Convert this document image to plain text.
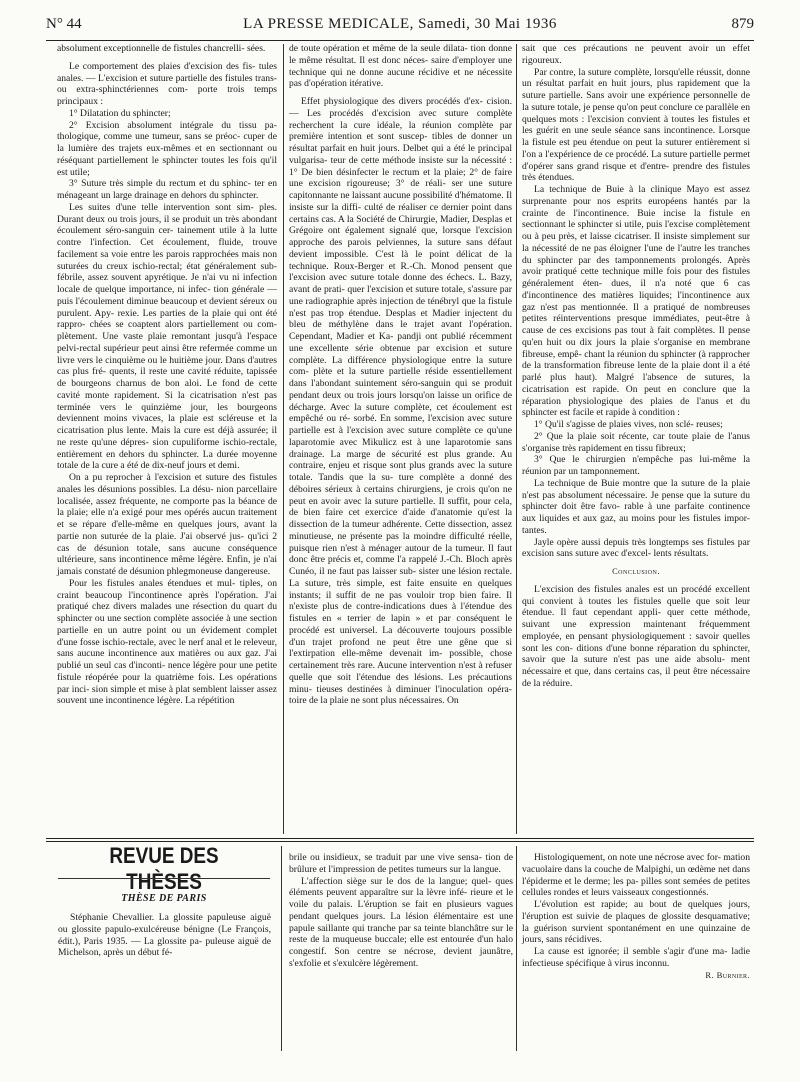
N° 44	LA PRESSE MEDICALE, Samedi, 30 Mai 1936	879

absolument exceptionnelle de fistules chancrelli- sées.

Le comportement des plaies d'excision des fis- tules anales. — L'excision et suture partielle des fistules trans- ou extra-sphinctériennes com- porte trois temps principaux :

1° Dilatation du sphincter;

2° Excision absolument intégrale du tissu pa- thologique, comme une tumeur, sans se préoc- cuper de la lumière des trajets eux-mêmes et en sectionnant ou réséquant partiellement le sphincter toutes les fois qu'il est utile;

3° Suture très simple du rectum et du sphinc- ter en ménageant un large drainage en dehors du sphincter.

Les suites d'une telle intervention sont sim- ples. Durant deux ou trois jours, il se produit un très abondant écoulement séro-sanguin cer- tainement utile à la lutte contre l'infection. Cet écoulement, fluide, trouve facilement sa voie entre les parois rapprochées mais non suturées du creux ischio-rectal; état généralement sub- fébrile, assez souvent apyrétique. Je n'ai vu ni infection locale de quelque importance, ni infec- tion générale — puis l'écoulement diminue beaucoup et devient séreux ou purulent. Apy- rexie. Les parties de la plaie qui ont été rappro- chées se coaptent alors partiellement ou com- plètement. Une vaste plaie remontant jusqu'à l'espace pelvi-rectal supérieur peut ainsi être refermée comme un livre vers le cinquième ou le huitième jour. Dans d'autres cas plus fré- quents, il reste une cavité réduite, tapissée de bourgeons charnus de bon aloi. Le fond de cette cavité monte rapidement. Si la cicatrisation n'est pas terminée vers le quinzième jour, les bourgeons deviennent moins vivaces, la plaie est scléreuse et la cicatrisation plus lente. Mais la cure est déjà assurée; il ne reste qu'une dépres- sion cupuliforme ischio-rectale, entièrement en dehors du sphincter. La durée moyenne totale de la cure a été de dix-neuf jours et demi.

On a pu reprocher à l'excision et suture des fistules anales les désunions possibles. La désu- nion parcellaire localisée, assez fréquente, ne comporte pas la béance de la plaie; elle n'a exigé pour mes opérés aucun traitement et se répare d'elle-même en quelques jours, avant la partie non suturée de la plaie. J'ai observé jus- qu'ici 2 cas de désunion totale, sans aucune conséquence ultérieure, sans incontinence même légère. Enfin, je n'ai jamais constaté de désunion phlegmoneuse dangereuse.

Pour les fistules anales étendues et mul- tiples, on craint beaucoup l'incontinence après l'opération. J'ai pratiqué chez divers malades une résection du quart du sphincter ou une section complète associée à une section partielle en un autre point ou un évidement complet d'une fosse ischio-rectale, avec le nerf anal et le releveur, sans aucune incontinence aux matières ou aux gaz. J'ai publié un seul cas d'inconti- nence légère pour une petite fistule réopérée pour la quatrième fois. Les opérations par inci- sion simple et mise à plat semblent laisser assez souvent une incontinence légère. La répétition

de toute opération et même de la seule dilata- tion donne le même résultat. Il est donc néces- saire d'employer une technique qui ne donne aucune récidive et ne nécessite pas d'opération itérative.

Effet physiologique des divers procédés d'ex- cision. — Les procédés d'excision avec suture complète recherchent la cure idéale, la réunion complète par première intention et sont suscep- tibles de donner un résultat parfait en huit jours. Delbet qui a été le principal vulgarisa- teur de cette méthode insiste sur la nécessité : 1° De bien désinfecter le rectum et la plaie; 2° de faire une excision rigoureuse; 3° de réali- ser une suture capitonnante ne laissant aucune possibilité d'hématome. Il insiste sur la diffi- culté de réaliser ce dernier point dans certains cas. A la Société de Chirurgie, Madier, Desplas et Grégoire ont également signalé que, lorsque l'excision approche des parois pelviennes, la suture sans défaut devient impossible. C'est là le point délicat de la technique. Roux-Berger et R.-Ch. Monod pensent que l'excision avec suture totale donne des échecs. L. Bazy, avant de prati- quer l'excision et suture totale, s'assure par une radiographie après injection de ténébryl que la fistule n'est pas trop étendue. Desplas et Madier injectent du bleu de méthylène dans le trajet avant l'opération. Cependant, Madier et Ka- pandji ont publié récemment une excellente série obtenue par excision et suture complète. La différence physiologique entre la suture com- plète et la suture partielle réside essentiellement dans l'abondant suintement séro-sanguin qui se produit pendant deux ou trois jours lorsqu'on laisse un orifice de décharge. Avec la suture complète, cet écoulement est empêché ou ré- sorbé. En somme, l'excision avec suture partielle est à l'excision avec suture complète ce qu'une laparotomie avec Mikulicz est à une laparotomie sans drainage. La marge de sécurité est plus grande. Au contraire, enjeu et risque sont plus grands avec la suture totale. Tandis que la su- ture complète a donné des déboires sérieux à certains chirurgiens, je crois qu'on ne peut en avoir avec la suture partielle. Il suffit, pour cela, de bien faire cet exercice d'aide d'anatomie qu'est la dissection de la tumeur adhérente. Cette dissection, assez minutieuse, ne présente pas la moindre difficulté réelle, puisque rien n'est à ménager autour de la tumeur. Il faut donc être précis et, comme l'a rappelé J.-Ch. Bloch après Cunéo, il ne faut pas laisser sub- sister une lésion rectale. La suture, très simple, est faite ensuite en quelques instants; il suffit de ne pas vouloir trop bien faire. Il n'existe plus de contre-indications dues à l'étendue des fistules en « terrier de lapin » et par conséquent le procédé est universel. La découverte toujours possible d'un trajet profond ne peut être une gêne que si l'extirpation elle-même devenait im- possible, chose certainement très rare. Aucune intervention n'est à refuser quelle que soit l'étendue des lésions. Les précautions minu- tieuses destinées à diminuer l'inoculation opéra- toire de la plaie ne sont plus nécessaires. On

sait que ces précautions ne peuvent avoir un effet rigoureux.

Par contre, la suture complète, lorsqu'elle réussit, donne un résultat parfait en huit jours, plus rapidement que la suture partielle. Sans avoir une expérience personnelle de la suture totale, je pense qu'on peut conclure ce parallèle en quelques mots : l'excision convient à toutes les fistules et les guérit en une seule séance sans incontinence. Lorsque la fistule est peu étendue on peut la suturer entièrement si l'on a l'expérience de ce procédé. La suture partielle permet d'opérer sans grand risque et d'entre- prendre des fistules très étendues.

La technique de Buie à la clinique Mayo est assez surprenante pour nos esprits européens hantés par la crainte de l'incontinence. Buie incise la fistule en sectionnant le sphincter si utile, puis l'excise complètement ou à peu près, et laisse cicatriser. Il insiste simplement sur la nécessité de ne pas éloigner l'une de l'autre les tranches du sphincter par des tamponnements prolongés. Après avoir pratiqué cette technique mille fois pour des fistules généralement éten- dues, il n'a noté que 6 cas d'incontinence des matières liquides; l'incontinence aux gaz n'est pas mentionnée. Il a pratiqué de nombreuses petites réinterventions presque immédiates, peut-être à cause de ces excisions pas tout à fait complètes. Il pense qu'en huit ou dix jours la plaie s'organise en membrane fibreuse, empê- chant la réunion du sphincter (à rapprocher de la transformation fibreuse lente de la plaie dont il a été parlé plus haut). Malgré l'absence de sutures, la cicatrisation est rapide. On peut en conclure que la réparation physiologique des plaies de l'anus et du sphincter est facile et rapide à condition :

1° Qu'il s'agisse de plaies vives, non sclé- reuses;

2° Que la plaie soit récente, car toute plaie de l'anus s'organise très rapidement en tissu fibreux;

3° Que le chirurgien n'empêche pas lui-même la réunion par un tamponnement.

La technique de Buie montre que la suture de la plaie n'est pas absolument nécessaire. Je pense que la suture du sphincter doit être favo- rable à une parfaite continence aux liquides et aux gaz, au moins pour les fistules impor- tantes.

Jayle opère aussi depuis très longtemps ses fistules par excision sans suture avec d'excel- lents résultats.

Conclusion.

L'excision des fistules anales est un procédé excellent qui convient à toutes les fistules quelle que soit leur étendue. Il faut cependant appli- quer cette méthode, suivant une expression maintenant fréquemment employée, en pensant physiologiquement : savoir quelles sont les con- ditions d'une bonne réparation du sphincter, savoir que la suture n'est pas une aide absolu- ment nécessaire et que, dans certains cas, il peut être nécessaire de la réduire.

REVUE DES THÈSES
THÈSE DE PARIS

Stéphanie Chevallier. La glossite papuleuse aiguë ou glossite papulo-exulcéreuse bénigne (Le François, édit.), Paris 1935. — La glossite pa- puleuse aiguë de Michelson, après un début fé-

brile ou insidieux, se traduit par une vive sensa- tion de brûlure et l'impression de petites tumeurs sur la langue.

L'affection siège sur le dos de la langue; quel- ques éléments peuvent apparaître sur la lèvre infé- rieure et le voile du palais. L'éruption se fait en plusieurs vagues pendant quelques jours. La lésion élémentaire est une papule saillante qui tranche par sa teinte blanchâtre sur le reste de la muqueuse buccale; elle est entourée d'un halo congestif. Son centre se nécrose, devient jaunâtre, s'exfolie et s'exulcère légèrement.

Histologiquement, on note une nécrose avec for- mation vacuolaire dans la couche de Malpighi, un œdème net dans l'épiderme et le derme; les pa- pilles sont semées de petites cellules rondes et leurs vaisseaux congestionnés.

L'évolution est rapide; au bout de quelques jours, l'éruption est suivie de plaques de glossite desquamative; la guérison survient spontanément en une quinzaine de jours, sans récidives.

La cause est ignorée; il semble s'agir d'une ma- ladie infectieuse spécifique à virus inconnu.

R. Burnier.
